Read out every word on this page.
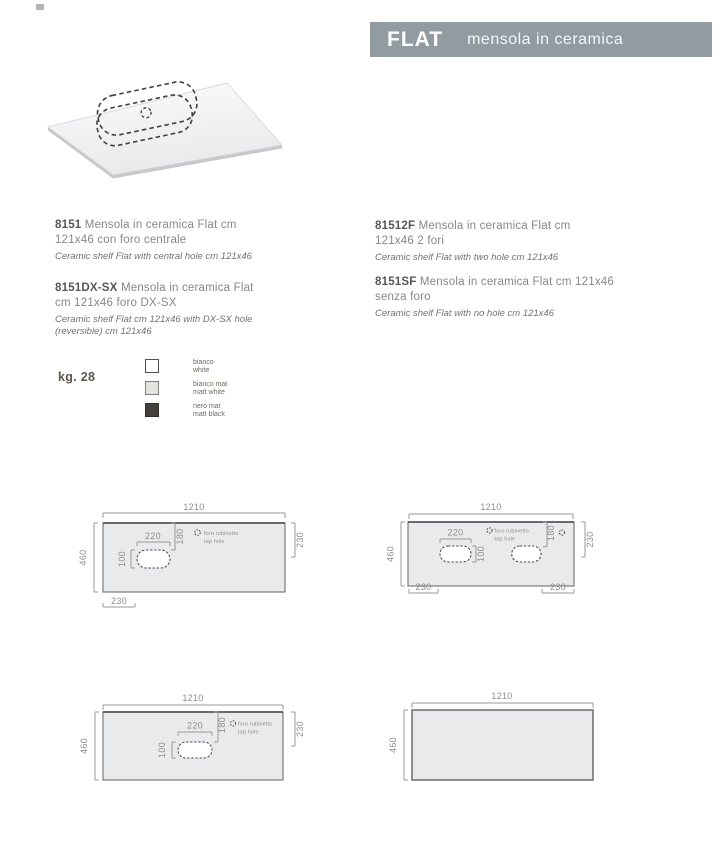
FLAT mensola in ceramica
8151 Mensola in ceramica Flat cm
121x46 con foro centrale
Ceramic shelf Flat with central hole cm 121x46
8151DX-SX Mensola in ceramica Flat
cm 121x46 foro DX-SX
Ceramic shelf Flat cm 121x46 with DX-SX hole
(reversible) cm 121x46
81512F Mensola in ceramica Flat cm
121x46 2 fori
Ceramic shelf Flat with two hole cm 121x46
8151SF Mensola in ceramica Flat cm 121x46
senza foro
Ceramic shelf Flat with no hole cm 121x46
kg. 28
bianco
white
bianco mat
matt white
nero mat
matt black
1210
460
230
230
220
100
180	foro rubinetto
tap hole
1210
460
220
100
180	230
230	230
foro rubinetto
tap hole
1210
460
220 180
100
230
foro rubinetto
tap hole
1210
460
